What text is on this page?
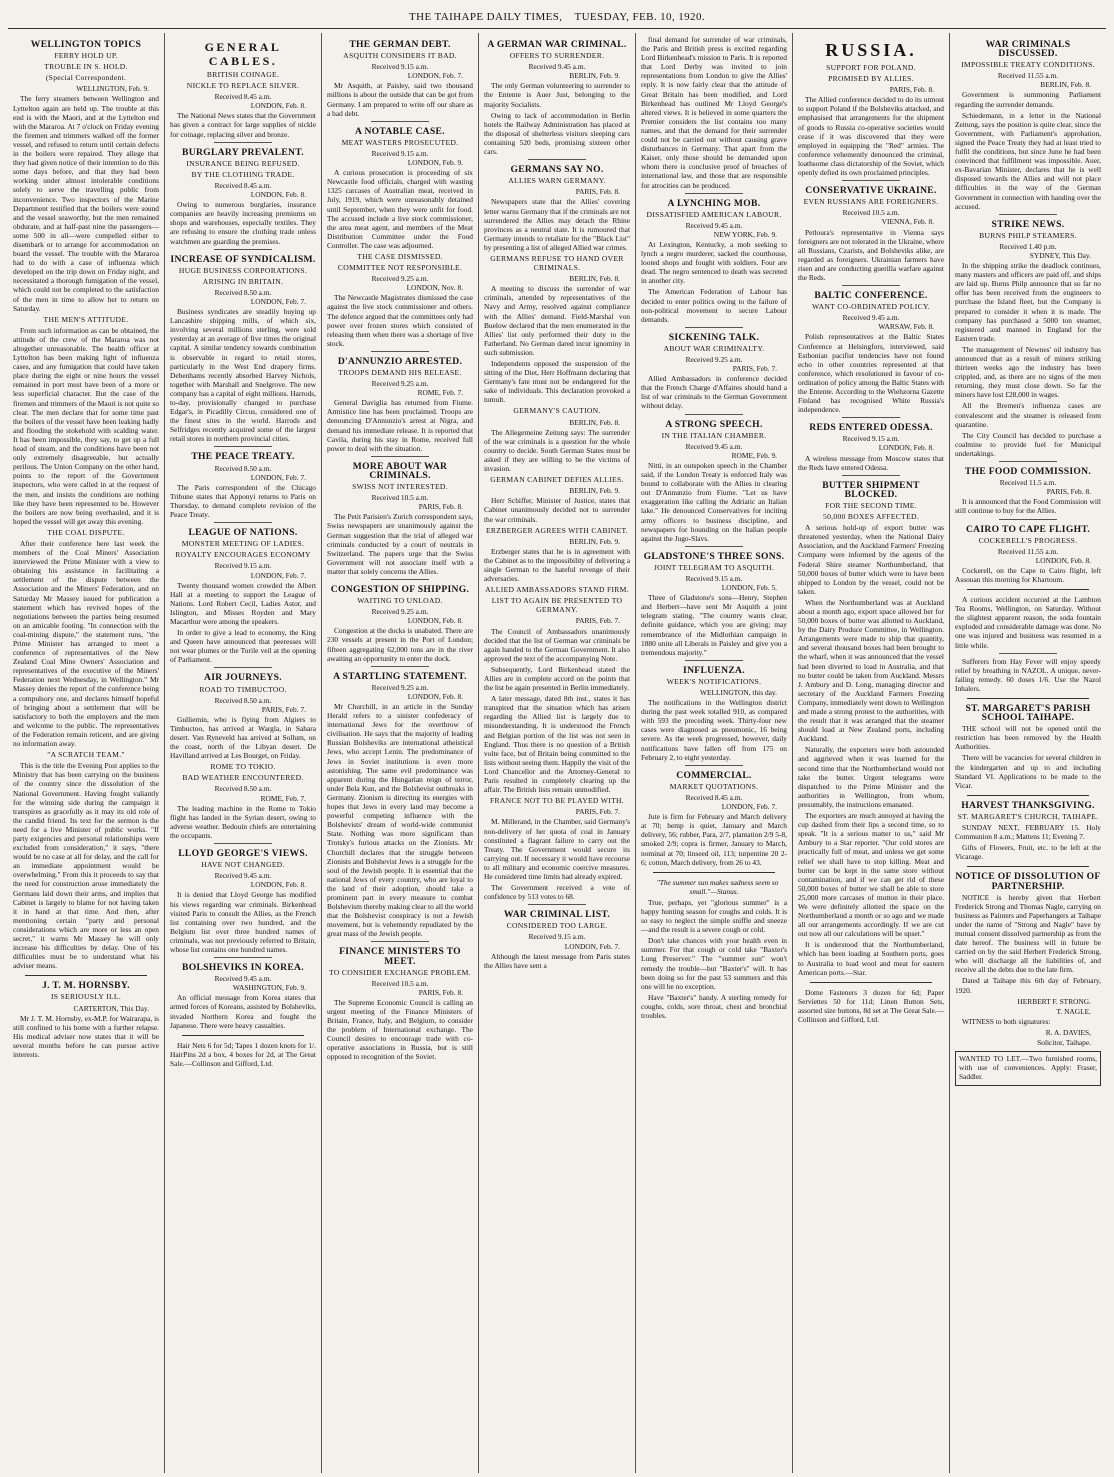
THE TAIHAPE DAILY TIMES, TUESDAY, FEB. 10, 1920.
WELLINGTON TOPICS
FERRY HOLD UP.
TROUBLE IN S. HOLD.
(Special Correspondent.
WELLINGTON, Feb. 9.

The ferry steamers between Wellington and Lyttelton again are held up. The trouble at this end is with the Maori, and at the Lyttelton end with the Mararoa. At 7 o'clock on Friday evening the firemen and trimmers walked off the former vessel, and refused to return until certain defects in the boilers were repaired. They allege that they had given notice of their intention to do this some days before, and that they had been working under almost intolerable conditions solely to serve the travelling public from inconvenience. Two inspectors of the Marine Department testified that the boilers were sound and the vessel seaworthy, but the men remained obdurate, and at half-past nine the passengers—some 500 in all—were compelled either to disembark or to arrange for accommodation on board the vessel. The trouble with the Mararoa had to do with a case of influenza which developed on the trip down on Friday night, and necessitated a thorough fumigation of the vessel, which could not be completed to the satisfaction of the men in time to allow her to return on Saturday.

THE MEN'S ATTITUDE.

From such information as can be obtained, the attitude of the crew of the Mararoa was not altogether unreasonable. The health officer at Lyttelton has been making light of influenza cases, and any fumigation that could have taken place during the eight or nine hours the vessel remained in port must have been of a more or less superficial character. But the case of the firemen and trimmers of the Maori is not quite so clear. The men declare that for some time past the boilers of the vessel have been leaking badly and flooding the stokehold with scalding water. It has been impossible, they say, to get up a full head of steam, and the conditions have been not only extremely disagreeable, but actually perilous. The Union Company on the other hand, points to the report of the Government inspectors, who were called in at the request of the men, and insists the conditions are nothing like they have been represented to be. However the boilers are now being overhauled, and it is hoped the vessel will get away this evening.

THE COAL DISPUTE.

After their conference here last week the members of the Coal Miners' Association interviewed the Prime Minister with a view to obtaining his assistance in facilitating a settlement of the dispute between the Association and the Miners' Federation, and on Saturday Mr Massey issued for publication a statement which has revived hopes of the negotiations between the parties being resumed on an amicable footing. "In connection with the coal-mining dispute," the statement runs, "the Prime Minister has arranged to meet a conference of representatives of the New Zealand Coal Mine Owners' Association and representatives of the executive of the Miners' Federation next Wednesday, in Wellington." Mr Massey denies the report of the conference being a compulsory one, and declares himself hopeful of bringing about a settlement that will be satisfactory to both the employers and the men and welcome to the public. The representatives of the Federation remain reticent, and are giving no information away.

"A SCRATCH TEAM."

This is the title the Evening Post applies to the Ministry that has been carrying on the business of the country since the dissolution of the National Government. Having fought valiantly for the winning side during the campaign it transpires as gracefully as it may its old role of the candid friend. Its text for the sermon is the need for a live Minister of public works. "If party exigencies and personal relationships were excluded from consideration," it says, "there would be no case at all for delay, and the call for an immediate appointment would be overwhelming." From this it proceeds to say that the need for construction arose immediately the Germans laid down their arms, and implies that Cabinet is largely to blame for not having taken it in hand at that time. And then, after mentioning certain "party and personal considerations which are more or less an open secret," it warns Mr Massey he will only increase his difficulties by delay. One of his difficulties must be to understand what his adviser means.

J. T. M. HORNSBY.
IS SERIOUSLY ILL.
CARTERTON, This Day.

Mr J. T. M. Hornsby, ex-M.P. for Wairarapa, is still confined to his home with a further relapse. His medical adviser now states that it will be several months before he can pursue active interests.

GENERAL CABLES.
BRITISH COINAGE.
NICKLE TO REPLACE SILVER.
Received 8.45 a.m.
LONDON, Feb. 8.

The National News states that the Government has given a contract for large supplies of nickle for coinage, replacing silver and bronze.

BURGLARY PREVALENT.
INSURANCE BEING REFUSED.
BY THE CLOTHING TRADE.
Received 8.45 a.m.
LONDON, Feb. 8.

Owing to numerous burglaries, insurance companies are heavily increasing premiums on shops and warehouses, especially textiles. They are refusing to ensure the clothing trade unless watchmen are guarding the premises.

INCREASE OF SYNDICALISM.
HUGE BUSINESS CORPORATIONS.
ARISING IN BRITAIN.
Received 8.50 a.m.
LONDON, Feb. 7.

Business syndicates are steadily buying up Lancashire shipping mills, of which six, involving several millions sterling, were sold yesterday at an average of five times the original capital. A similar tendency towards combination is observable in regard to retail stores, particularly in the West End drapery firms. Debenhams recently absorbed Harvey Nichols, together with Marshall and Snelgrove. The new company has a capital of eight millions. Harrods, to-day, provisionally changed to purchase Edgar's, in Picadilly Circus, considered one of the finest sites in the world. Harrods and Selfridges recently acquired some of the largest retail stores in northern provincial cities.

THE PEACE TREATY.
Received 8.50 a.m.
LONDON, Feb. 7.

The Paris correspondent of the Chicago Tribune states that Apponyi returns to Paris on Thursday, to demand complete revision of the Peace Treaty.

LEAGUE OF NATIONS.
MONSTER MEETING OF LADIES.
ROYALTY ENCOURAGES ECONOMY
Received 9.15 a.m.
LONDON, Feb. 7.

Twenty thousand women crowded the Albert Hall at a meeting to support the League of Nations. Lord Robert Cecil, Ladies Astor, and Islington, and Misses Royden and Mary Macarthur were among the speakers.

In order to give a lead to economy, the King and Queen have announced that peeresses will not wear plumes or the Turile veil at the opening of Parliament.

AIR JOURNEYS.
ROAD TO TIMBUCTOO.
Received 8.50 a.m.
PARIS, Feb. 7.

Gulliemin, who is flying from Algiers to Timbuctoo, has arrived at Wargla, in Sahara desert. Van Ryneveld has arrived at Sollum, on the coast, north of the Libyan desert. De Havilland arrived at Les Bourget, on Friday.

ROME TO TOKIO.
BAD WEATHER ENCOUNTERED.
Received 8.50 a.m.
ROME, Feb. 7.

The leading machine in the Rome to Tokio flight has landed in the Syrian desert, owing to adverse weather. Bedouin chiefs are entertaining the occupants.

LLOYD GEORGE'S VIEWS.
HAVE NOT CHANGED.
Received 9.45 a.m.
LONDON, Feb. 8.

It is denied that Lloyd George has modified his views regarding war criminals. Birkenhead visited Paris to consult the Allies, as the French list containing over two hundred, and the Belgium list over three hundred names of criminals, was not previously referred to Britain, whose list contains one hundred names.

BOLSHEVIKS IN KOREA.
Received 9.45 a.m.
WASHINGTON, Feb. 9.

An official message from Korea states that armed forces of Koreans, assisted by Bolsheviks, invaded Northern Korea and fought the Japanese. There were heavy casualties.

Hair Nets 6 for 5d; Tapes 1 dozen knots for 1/. HairPins 2d a box, 4 boxes for 2d, at The Great Sale.—Collinson and Gifford, Ltd.

THE GERMAN DEBT.
ASQUITH CONSIDERS IT BAD.
Received 9.15 a.m.
LONDON, Feb. 7.

Mr Asquith, at Paisley, said two thousand millions is about the outside that can be got from Germany. I am prepared to write off our share as a bad debt.

A NOTABLE CASE.
MEAT WASTERS PROSECUTED.
Received 9.15 a.m.
LONDON, Feb. 9.

A curious prosecution is proceeding of six Newcastle food officials, charged with wasting 1325 carcases of Australian meat, received in July, 1919, which were unreasonably detained until September, when they were unfit for food. The accused include a live stock commissioner, the area meat agent, and members of the Meat Distribution Committee under the Food Controller. The case was adjourned.

THE CASE DISMISSED.
COMMITTEE NOT RESPONSIBLE.
Received 9.25 a.m.
LONDON, Nov. 8.

The Newcastle Magistrates dismissed the case against the live stock commissioner and others. The defence argued that the committees only had power over frozen stores which consisted of releasing them when there was a shortage of live stock.

D'ANNUNZIO ARRESTED.
TROOPS DEMAND HIS RELEASE.
Received 9.25 a.m.
ROME, Feb. 7.

General Daviglia has returned from Fiume. Armistice line has been proclaimed. Troops are denouncing D'Annunzio's arrest at Nigra, and demand his immediate release. It is reported that Cavila, during his stay in Rome, received full power to deal with the situation.

MORE ABOUT WAR CRIMINALS.
SWISS NOT INTERESTED.
Received 10.5 a.m.
PARIS, Feb. 8.

The Petit Parisien's Zurich correspondent says, Swiss newspapers are unanimously against the German suggestion that the trial of alleged war criminals conducted by a court of neutrals in Switzerland. The papers urge that the Swiss Government will not associate itself with a matter that solely concerns the Allies.

CONGESTION OF SHIPPING.
WAITING TO UNLOAD.
Received 9.25 a.m.
LONDON, Feb. 8.

Congestion at the docks is unabated. There are 230 vessels at present in the Port of London; fifteen aggregating 62,000 tons are in the river awaiting an opportunity to enter the dock.

A STARTLING STATEMENT.
Received 9.25 a.m.
LONDON, Feb. 8.

Mr Churchill, in an article in the Sunday Herald refers to a sinister confederacy of international Jews for the overthrow of civilisation. He says that the majority of leading Russian Bolsheviks are international atheistical Jews, who accept Lenin. The predominance of Jews in Soviet institutions is even more astonishing. The same evil predominance was apparent during the Hungarian reign of terror, under Bela Kun, and the Bolshevist outbreaks in Germany. Zionism is directing its energies with hopes that Jews in every land may become a powerful competing influence with the Bolshevists' dream of world-wide communist State. Nothing was more significant than Trotsky's furious attacks on the Zionists. Mr Churchill declares that the struggle between Zionists and Bolshevist Jews is a struggle for the soul of the Jewish people. It is essential that the national Jews of every country, who are loyal to the land of their adoption, should take a prominent part in every measure to combat Bolshevism thereby making clear to all the world that the Bolshevist conspiracy is not a Jewish movement, but is vehemently repudiated by the great mass of the Jewish people.

FINANCE MINISTERS TO MEET.
TO CONSIDER EXCHANGE PROBLEM.
Received 10.5 a.m.
PARIS, Feb. 8.

The Supreme Economic Council is calling an urgent meeting of the Finance Ministers of Britain, France, Italy, and Belgium, to consider the problem of International exchange. The Council desires to encourage trade with co-operative associations in Russia, but is still opposed to recognition of the Soviet.

A GERMAN WAR CRIMINAL.
OFFERS TO SURRENDER.
Received 9.45 a.m.
BERLIN, Feb. 9.

The only German volunteering to surrender to the Entente is Auer Just, belonging to the majority Socialists.

Owing to lack of accommodation in Berlin hotels the Railway Administration has placed at the disposal of shelterless visitors sleeping cars containing 520 beds, promising sixteen other cars.

GERMANS SAY NO.
ALLIES WARN GERMANY.
PARIS, Feb. 8.

Newspapers state that the Allies' covering letter warns Germany that if the criminals are not surrendered the Allies may detach the Rhine provinces as a neutral state. It is rumoured that Germany intends to retaliate for the "Black List" by presenting a list of alleged Allied war crimes.

GERMANS REFUSE TO HAND OVER CRIMINALS.
BERLIN, Feb. 8.

A meeting to discuss the surrender of war criminals, attended by representatives of the Navy and Army, resolved against compliance with the Allies' demand. Field-Marshal von Buelow declared that the men enumerated in the Allies' list only performed their duty to the Fatherland. No German dared incur ignominy in such submission.

Independents opposed the suspension of the sitting of the Diet, Herr Hoffmann declaring that Germany's fate must not be endangered for the sake of individuals. This declaration provoked a tumult.

GERMANY'S CAUTION.
BERLIN, Feb. 8.

The Allegemeine Zeitung says: The surrender of the war criminals is a question for the whole country to decide. South German States must be asked if they are willing to be the victims of invasion.

GERMAN CABINET DEFIES ALLIES.
BERLIN, Feb. 9.

Herr Schiffer, Minister of Justice, states that Cabinet unanimously decided not to surrender the war criminals.

ERZBERGER AGREES WITH CABINET.
BERLIN, Feb. 9.

Erzberger states that he is in agreement with the Cabinet as to the impossibility of delivering a single German to the hateful revenge of their adversaries.

ALLIED AMBASSADORS STAND FIRM.
LIST TO AGAIN BE PRESENTED TO GERMANY.
PARIS, Feb. 7.

The Council of Ambassadors unanimously decided that the list of German war criminals be again handed to the German Government. It also approved the text of the accompanying Note.

Subsequently, Lord Birkenhead stated the Allies are in complete accord on the points that the list be again presented in Berlin immediately.

A later message, dated 8th inst., states it has transpired that the situation which has arisen regarding the Allied list is largely due to misunderstanding. It is understood the French and Belgian portion of the list was not seen in England. Thus there is no question of a British volte face, but of Britain being committed to the lists without seeing them. Happily the visit of the Lord Chancellor and the Attorney-General to Paris resulted in completely clearing up the affair. The British lists remain unmodified.

FRANCE NOT TO BE PLAYED WITH.
PARIS, Feb. 7.

M. Millerand, in the Chamber, said Germany's non-delivery of her quota of coal in January constituted a flagrant failure to carry out the Treaty. The Government would secure its carrying out. If necessary it would have recourse to all military and economic coercive measures. He considered time limits had already expired.

The Government received a vote of confidence by 513 votes to 68.

WAR CRIMINAL LIST.
CONSIDERED TOO LARGE.
Received 9.15 a.m.
LONDON, Feb. 7.

Although the latest message from Paris states the Allies have sent a

final demand for surrender of war criminals, the Paris and British press is excited regarding Lord Birkenhead's mission to Paris. It is reported that Lord Derby was invited to join representations from London to give the Allies' reply. It is now fairly clear that the attitude of Great Britain has been modified, and Lord Birkenhead has outlined Mr Lloyd George's altered views. It is believed in some quarters the Premier considers the list contains too many names, and that the demand for their surrender could not be carried out without causing grave disturbances in Germany. That apart from the Kaiser, only those should be demanded upon whom there is conclusive proof of breaches of international law, and those that are responsible for atrocities can be produced.

A LYNCHING MOB.
DISSATISFIED AMERICAN LABOUR.
Received 9.45 a.m.
NEW YORK, Feb. 9.

At Lexington, Kentucky, a mob seeking to lynch a negro murderer, sacked the courthouse, looted shops and fought with soldiers. Four are dead. The negro sentenced to death was secreted in another city.

The American Federation of Labour has decided to enter politics owing to the failure of non-political movement to secure Labour demands.

SICKENING TALK.
ABOUT WAR CRIMINALTY.
Received 9.25 a.m.
PARIS, Feb. 7.

Allied Ambassadors in conference decided that the French Charge d'Affaires should hand a list of war criminals to the German Government without delay.

A STRONG SPEECH.
IN THE ITALIAN CHAMBER.
Received 9.45 a.m.
ROME, Feb. 9.

Nitti, in an outspoken speech in the Chamber said, if the London Treaty is enforced Italy was bound to collaborate with the Allies in clearing out D'Annunzio from Fiume. "Let us have exaggeration like calling the Adriatic an Italian lake." He denounced Conservatives for inciting army officers to business discipline, and newspapers for hounding on the Italian people against the Jugo-Slavs.

GLADSTONE'S THREE SONS.
JOINT TELEGRAM TO ASQUITH.
Received 9.15 a.m.
LONDON, Feb. 5.

Three of Gladstone's sons—Henry, Stephen and Herbert—have sent Mr Asquith a joint telegram stating, "The country wants clear, definite guidance, which you are giving; may remembrance of the Midlothian campaign in 1880 unite all Liberals in Paisley and give you a tremendous majority."

INFLUENZA.
WEEK'S NOTIFICATIONS.
WELLINGTON, this day.

The notifications in the Wellington district during the past week totalled 910, as compared with 593 the preceding week. Thirty-four new cases were diagnosed as pneumonic, 16 being severe. As the week progressed, however, daily notifications have fallen off from 175 on February 2, to eight yesterday.

COMMERCIAL.
MARKET QUOTATIONS.
Received 8.45 a.m.
LONDON, Feb. 7.

Jute is firm for February and March delivery at 70; hemp is quiet, January and March delivery, 56; rubber, Para, 2/7, plantation 2/9 5-8, smoked 2/9; copra is firmer, January to March, nominal at 70; linseed oil, 113; turpentine 20 2-6; cotton, March delivery, from 26 to 43.

"The summer sun makes sadness seem so small."—Stanus.

True, perhaps, yet "glorious summer" is a happy hunting season for coughs and colds. It is so easy to neglect the simple sniffle and sneeze —and the result is a severe cough or cold.

Don't take chances with your health even in summer. For that cough or cold take "Baxter's Lung Preserver." The "summer sun" won't remedy the trouble—but "Baxter's" will. It has been doing so for the past 53 summers and this one will be no exception.

Have "Baxter's" handy. A sterling remedy for coughs, colds, sore throat, chest and bronchial troubles.

RUSSIA.
SUPPORT FOR POLAND.
PROMISED BY ALLIES.
PARIS, Feb. 8.

The Allied conference decided to do its utmost to support Poland if the Bolsheviks attacked, and emphasised that arrangements for the shipment of goods to Russia co-operative societies would cease if it was discovered that they were employed in equipping the "Red" armies. The conference vehemently denounced the criminal, loathsome class dictatorship of the Soviet, which openly defied its own proclaimed principles.

CONSERVATIVE UKRAINE.
EVEN RUSSIANS ARE FOREIGNERS.
Received 10.5 a.m.
VIENNA, Feb. 8.

Petloura's representative in Vienna says foreigners are not tolerated in the Ukraine, where all Russians, Czarists, and Bolsheviks alike, are regarded as foreigners. Ukrainian farmers have risen and are conducting guerilla warfare against the Reds.

BALTIC CONFERENCE.
WANT CO-ORDINATED POLICY.
Received 9.45 a.m.
WARSAW, Feb. 8.

Polish representatives at the Baltic States Conference at Helsingfors, interviewed, said Esthonian pacifist tendencies have not found echo in other countries represented at that conference, which resolutioned in favour of co-ordination of policy among the Baltic States with the Entente. According to the Wiehzorna Gazette Finland has recognised White Russia's independence.

REDS ENTERED ODESSA.
Received 9.15 a.m.
LONDON, Feb. 8.

A wireless message from Moscow states that the Reds have entered Odessa.

BUTTER SHIPMENT BLOCKED.
FOR THE SECOND TIME.
50,000 BOXES AFFECTED.

A serious hold-up of export butter was threatened yesterday, when the National Dairy Association, and the Auckland Farmers' Freezing Company were informed by the agents of the Federal Shire steamer Northumberland, that 50,000 boxes of butter which were to have been shipped to London by the vessel, could not be taken.

When the Northumberland was at Auckland about a month ago, export space allowed her for 50,000 boxes of butter was allotted to Auckland, by the Dairy Produce Committee, in Wellington. Arrangements were made to ship that quantity, and several thousand boxes had been brought to the wharf, when it was announced that the vessel had been diverted to load in Australia, and that no butter could be taken from Auckland. Messrs J. Ambury and D. Long, managing director and secretary of the Auckland Farmers Freezing Company, immediately went down to Wellington and made a strong protest to the authorities, with the result that it was arranged that the steamer should load at New Zealand ports, including Auckland.

Naturally, the exporters were both astounded and aggrieved when it was learned for the second time that the Northumberland would not take the butter. Urgent telegrams were dispatched to the Prime Minister and the authorities in Wellington, from whom, presumably, the instructions emanated.

The exporters are much annoyed at having the cup dashed from their lips a second time, so to speak. "It is a serious matter to us," said Mr Ambury to a Star reporter. "Our cold stores are practically full of meat, and unless we get some relief we shall have to stop killing. Meat and butter can be kept in the same store without contamination, and if we can get rid of these 50,000 boxes of butter we shall be able to store 25,000 more carcases of mutton in their place. We were definitely allotted the space on the Northumberland a month or so ago and we made all our arrangements accordingly. If we are cut out now all our calculations will be upset."

It is understood that the Northumberland, which has been loading at Southern ports, goes to Australia to load wool and meat for eastern American ports.—Star.

Dome Fasteners 3 dozen for 6d; Paper Serviettes 50 for 11d; Linen Button Sets, assorted size buttons, 8d set at The Great Sale.—Collinson and Gifford, Ltd.

WAR CRIMINALS DISCUSSED.
IMPOSSIBLE TREATY CONDITIONS.
Received 11.55 a.m.
BERLIN, Feb. 8.

Government is summoning Parliament regarding the surrender demands.

Schiedemann, in a letter in the National Zeitung, says the position is quite clear, since the Government, with Parliament's approbation, signed the Peace Treaty they had at least tried to fulfil the conditions, but since June he had been convinced that fulfilment was impossible. Auer, ex-Bavarian Minister, declares that he is well disposed towards the Allies and will not place difficulties in the way of the German Government in connection with handing over the accused.

STRIKE NEWS.
BURNS PHILP STEAMERS.
Received 1.40 p.m.
SYDNEY, This Day.

In the shipping strike the deadlock continues, many masters and officers are paid off, and ships are laid up. Burns Philp announce that so far no offer has been received from the engineers to purchase the Island fleet, but the Company is prepared to consider it when it is made. The company has purchased a 5000 ton steamer, registered and manned in England for the Eastern trade.

The management of Newnes' oil industry has announced that as a result of miners striking thirteen weeks ago the industry has been crippled, and, as there are no signs of the men returning, they must close down. So far the miners have lost £28,000 in wages.

All the Bremen's influenza cases are convalescent and the steamer is released from quarantine.

The City Council has decided to purchase a coalmine to provide fuel for Municipal undertakings.

THE FOOD COMMISSION.
Received 11.5 a.m.
PARIS, Feb. 8.

It is announced that the Food Commission will still continue to buy for the Allies.

CAIRO TO CAPE FLIGHT.
COCKERELL'S PROGRESS.
Received 11.55 a.m.
LONDON, Feb. 8.

Cockerell, on the Cape to Cairo flight, left Assouan this morning for Khartoum.

A curious accident occurred at the Lambton Tea Rooms, Wellington, on Saturday. Without the slightest apparent reason, the soda fountain exploded and considerable damage was done. No one was injured and business was resumed in a little while.

Sufferers from Hay Fever will enjoy speedy relief by breathing in NAZOL. A unique, never-failing remedy. 60 doses 1/6. Use the Nazol Inhalers.

ST. MARGARET'S PARISH SCHOOL TAIHAPE.

THE school will not be opened until the restriction has been removed by the Health Authorities.

There will be vacancies for several children in the kindergarten and up to and including Standard VI. Applications to be made to the Vicar.

HARVEST THANKSGIVING.
ST. MARGARET'S CHURCH, TAIHAPE.

SUNDAY NEXT, FEBRUARY 15. Holy Communion 8 a.m.; Mattens 11; Evening 7.

Gifts of Flowers, Fruit, etc. to be left at the Vicarage.

NOTICE OF DISSOLUTION OF PARTNERSHIP.

NOTICE is hereby given that Herbert Frederick Strong and Thomas Nagle, carrying on business as Painters and Paperhangers at Taihape under the name of "Strong and Nagle" have by mutual consent dissolved partnership as from the date hereof. The business will in future be carried on by the said Herbert Frederick Strong, who will discharge all the liabilities of, and receive all the debts due to the late firm.

Dated at Taihape this 6th day of February, 1920.

HERBERT F. STRONG.
T. NAGLE.

WITNESS to both signatures:

R. A. DAVIES,
Solicitor, Taihape.

WANTED TO LET.—Two furnished rooms, with use of conveniences. Apply: Fraser, Saddler.
